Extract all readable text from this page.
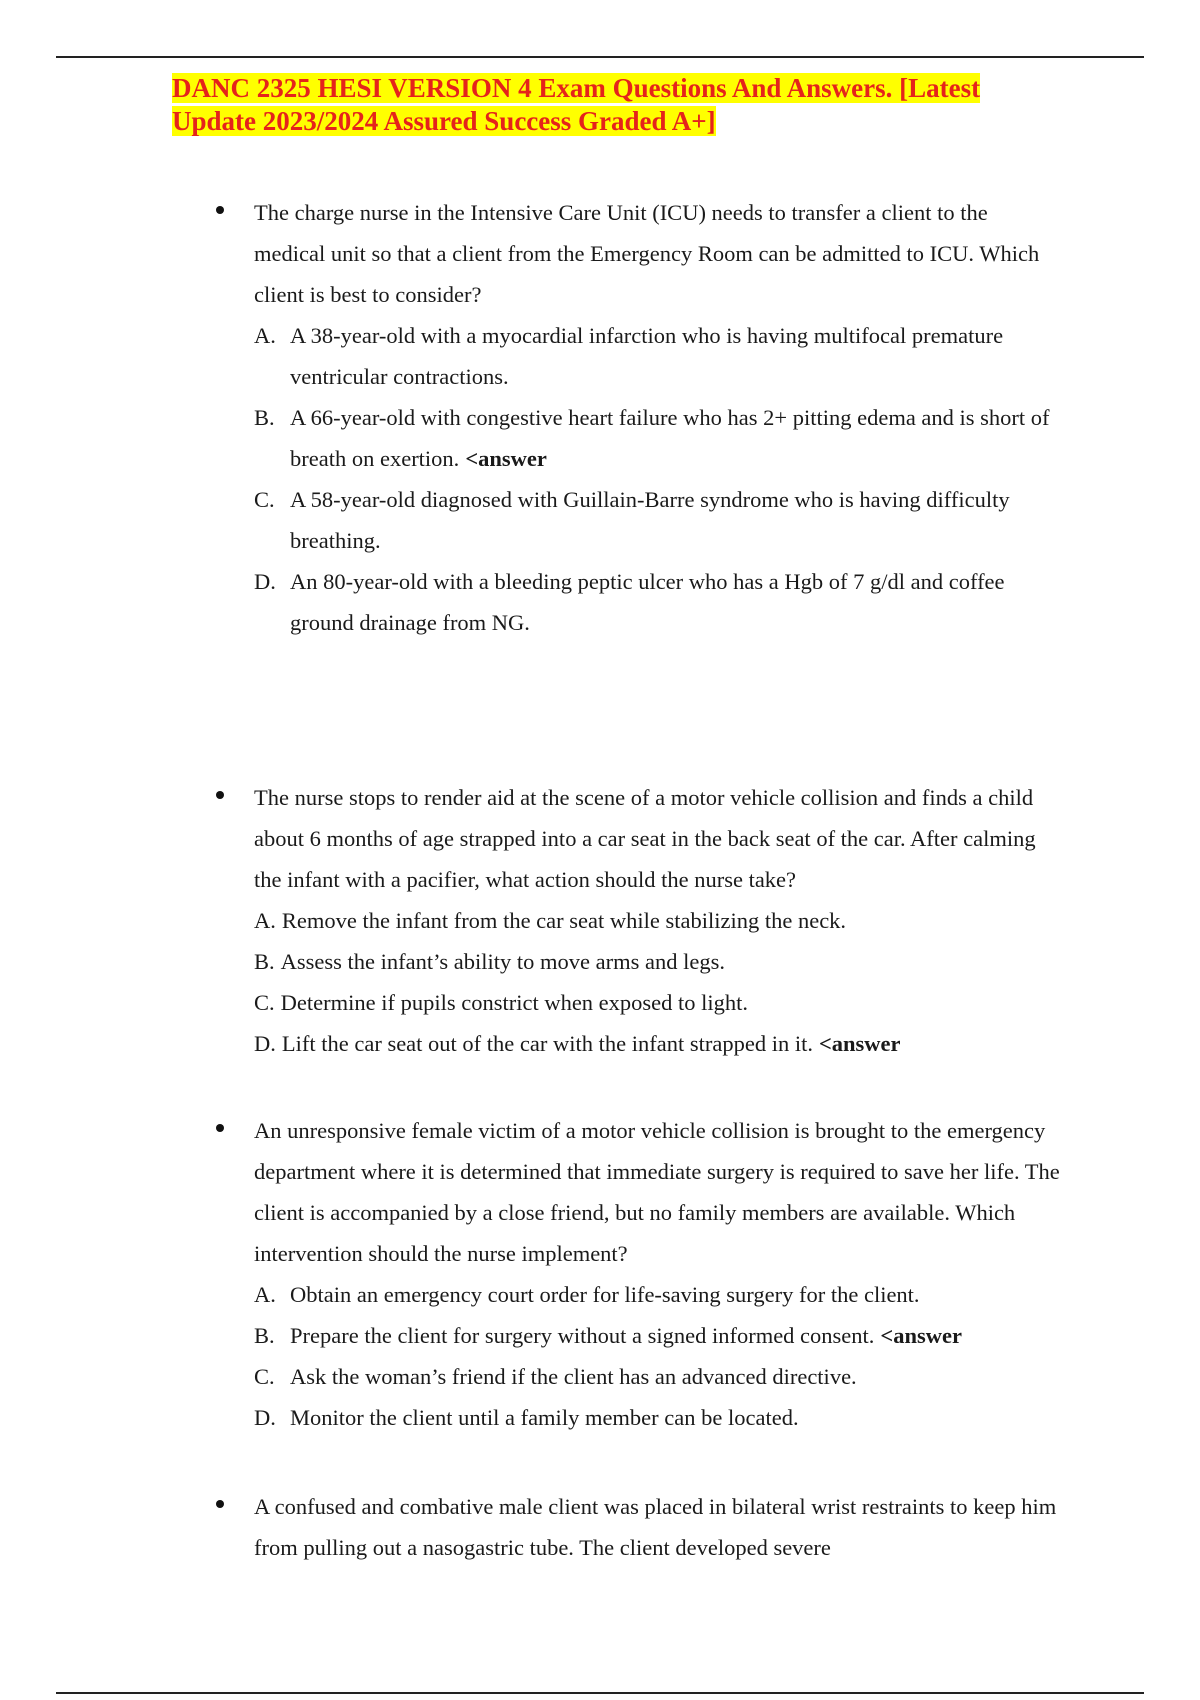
DANC 2325 HESI VERSION 4 Exam Questions And Answers. [Latest Update 2023/2024 Assured Success Graded A+]
The charge nurse in the Intensive Care Unit (ICU) needs to transfer a client to the medical unit so that a client from the Emergency Room can be admitted to ICU. Which client is best to consider?
A. A 38-year-old with a myocardial infarction who is having multifocal premature ventricular contractions.
B. A 66-year-old with congestive heart failure who has 2+ pitting edema and is short of breath on exertion. <answer
C. A 58-year-old diagnosed with Guillain-Barre syndrome who is having difficulty breathing.
D. An 80-year-old with a bleeding peptic ulcer who has a Hgb of 7 g/dl and coffee ground drainage from NG.
The nurse stops to render aid at the scene of a motor vehicle collision and finds a child about 6 months of age strapped into a car seat in the back seat of the car. After calming the infant with a pacifier, what action should the nurse take?
A. Remove the infant from the car seat while stabilizing the neck.
B. Assess the infant’s ability to move arms and legs.
C. Determine if pupils constrict when exposed to light.
D. Lift the car seat out of the car with the infant strapped in it. <answer
An unresponsive female victim of a motor vehicle collision is brought to the emergency department where it is determined that immediate surgery is required to save her life. The client is accompanied by a close friend, but no family members are available. Which intervention should the nurse implement?
A. Obtain an emergency court order for life-saving surgery for the client.
B. Prepare the client for surgery without a signed informed consent. <answer
C. Ask the woman’s friend if the client has an advanced directive.
D. Monitor the client until a family member can be located.
A confused and combative male client was placed in bilateral wrist restraints to keep him from pulling out a nasogastric tube. The client developed severe
